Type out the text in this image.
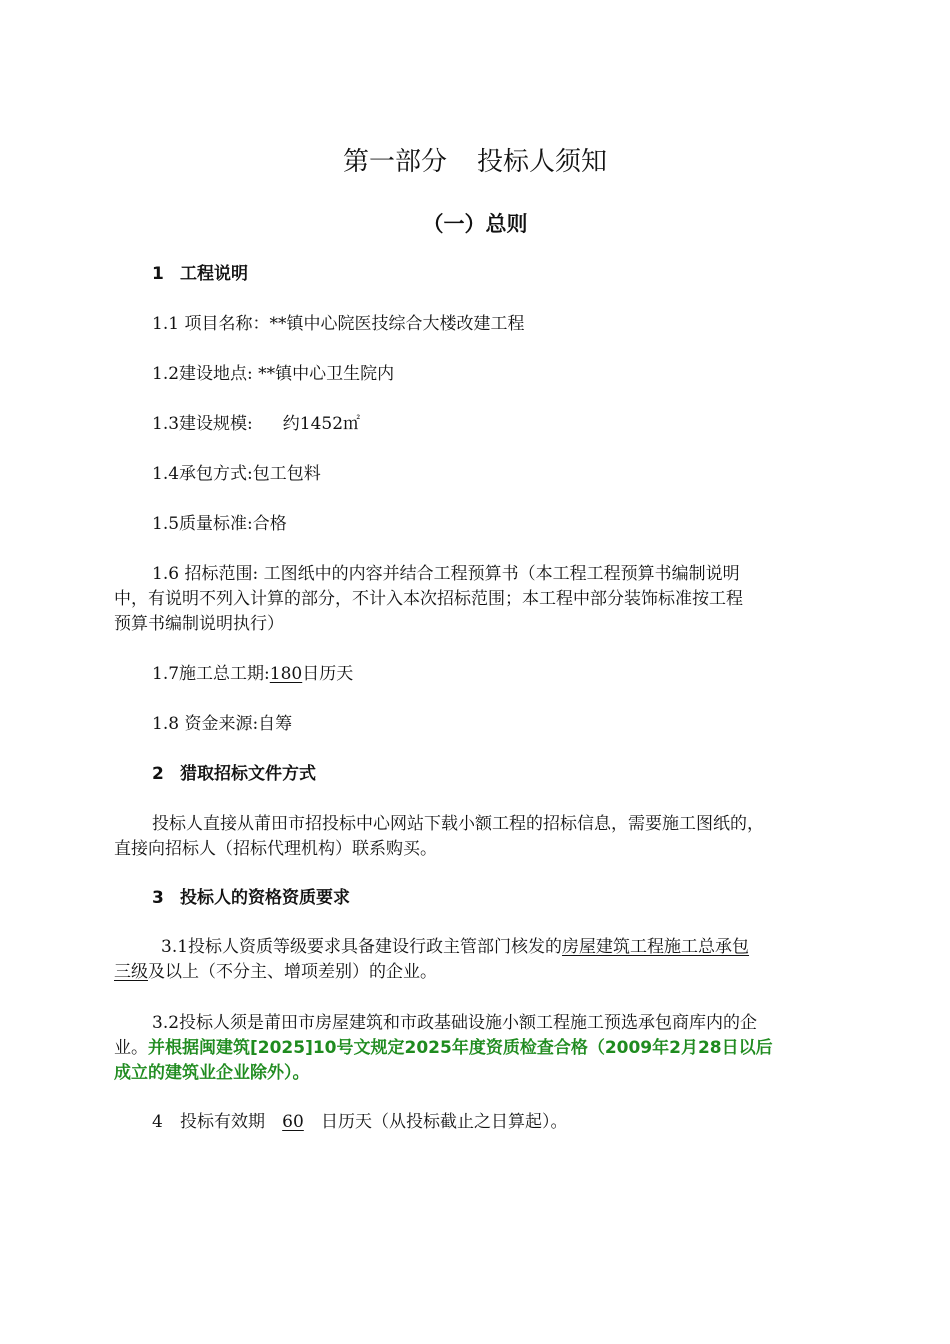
第一部分 投标人须知
（一）总则

1 工程说明

1.1 项目名称：**镇中心院医技综合大楼改建工程

1.2建设地点: **镇中心卫生院内

1.3建设规模: 约1452㎡

1.4承包方式:包工包料

1.5质量标准:合格

1.6 招标范围: 工图纸中的内容并结合工程预算书（本工程工程预算书编制说明

中，有说明不列入计算的部分，不计入本次招标范围；本工程中部分装饰标准按工程

预算书编制说明执行）

1.7施工总工期:180日历天

1.8 资金来源:自筹

2 猎取招标文件方式

投标人直接从莆田市招投标中心网站下载小额工程的招标信息，需要施工图纸的，

直接向招标人（招标代理机构）联系购买。

3 投标人的资格资质要求

3.1投标人资质等级要求具备建设行政主管部门核发的房屋建筑工程施工总承包

三级及以上（不分主、增项差别）的企业。

3.2投标人须是莆田市房屋建筑和市政基础设施小额工程施工预选承包商库内的企

业。并根据闽建筑[2025]10号文规定2025年度资质检查合格（2009年2月28日以后

成立的建筑业企业除外）。

4 投标有效期 60 日历天（从投标截止之日算起）。
